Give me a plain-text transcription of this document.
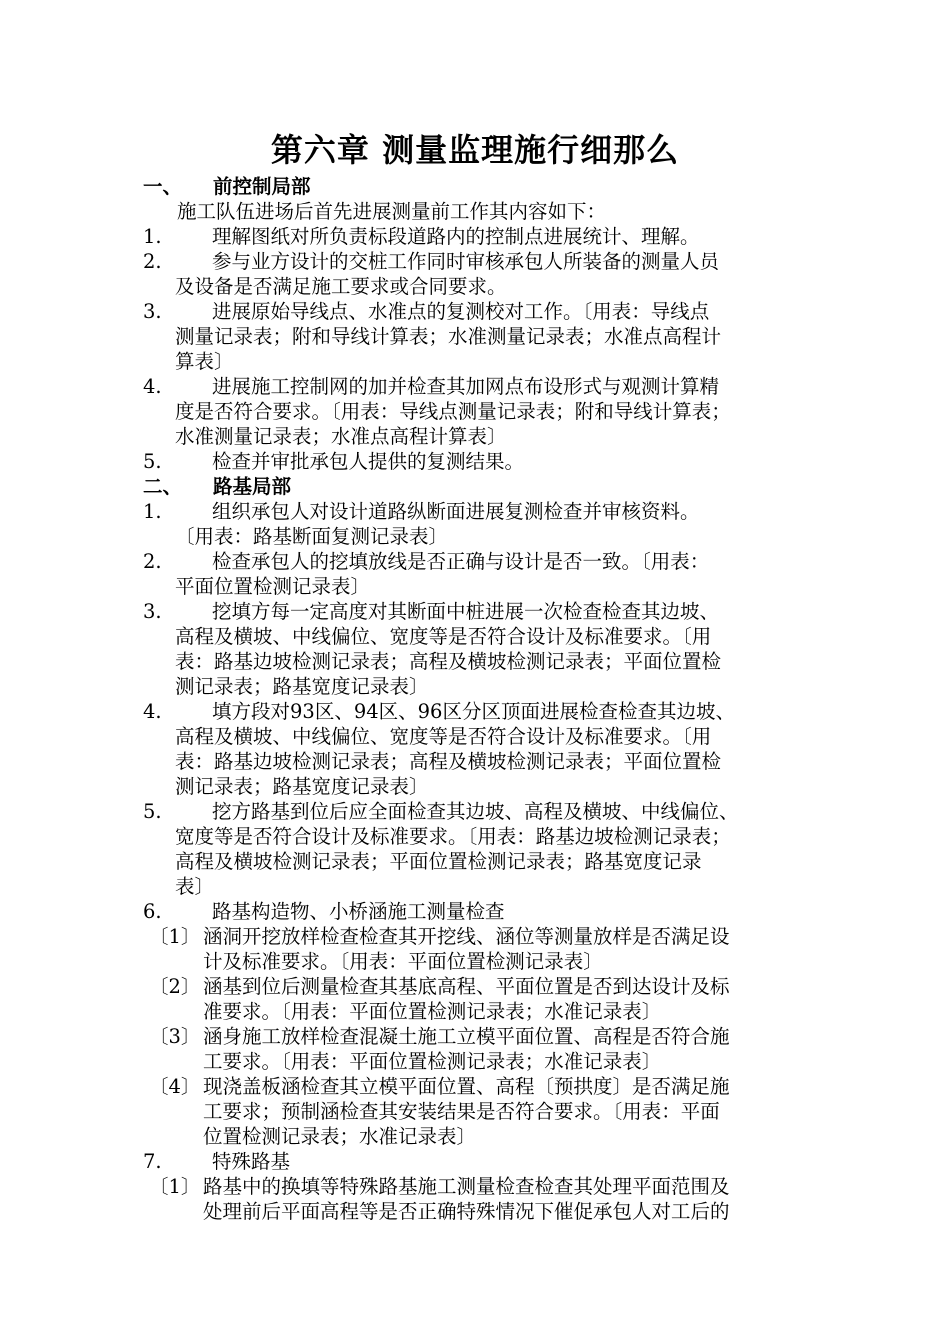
第六章 测量监理施行细那么
一、 前控制局部
施工队伍进场后首先进展测量前工作其内容如下：
1.	理解图纸对所负责标段道路内的控制点进展统计、理解。
2.	参与业方设计的交桩工作同时审核承包人所装备的测量人员
及设备是否满足施工要求或合同要求。
3.	进展原始导线点、水准点的复测校对工作。〔用表：导线点
测量记录表；附和导线计算表；水准测量记录表；水准点高程计
算表〕
4.	进展施工控制网的加并检查其加网点布设形式与观测计算精
度是否符合要求。〔用表：导线点测量记录表；附和导线计算表；
水准测量记录表；水准点高程计算表〕
5.	检查并审批承包人提供的复测结果。
二、 路基局部
1.	组织承包人对设计道路纵断面进展复测检查并审核资料。
〔用表：路基断面复测记录表〕
2.	检查承包人的挖填放线是否正确与设计是否一致。〔用表：
平面位置检测记录表〕
3.	挖填方每一定高度对其断面中桩进展一次检查检查其边坡、
高程及横坡、中线偏位、宽度等是否符合设计及标准要求。〔用
表：路基边坡检测记录表；高程及横坡检测记录表；平面位置检
测记录表；路基宽度记录表〕
4.	填方段对93区、94区、96区分区顶面进展检查检查其边坡、
高程及横坡、中线偏位、宽度等是否符合设计及标准要求。〔用
表：路基边坡检测记录表；高程及横坡检测记录表；平面位置检
测记录表；路基宽度记录表〕
5.	挖方路基到位后应全面检查其边坡、高程及横坡、中线偏位、
宽度等是否符合设计及标准要求。〔用表：路基边坡检测记录表；
高程及横坡检测记录表；平面位置检测记录表；路基宽度记录
表〕
6.	路基构造物、小桥涵施工测量检查
〔1〕 涵洞开挖放样检查检查其开挖线、涵位等测量放样是否满足设
计及标准要求。〔用表：平面位置检测记录表〕
〔2〕 涵基到位后测量检查其基底高程、平面位置是否到达设计及标
准要求。〔用表：平面位置检测记录表；水准记录表〕
〔3〕 涵身施工放样检查混凝土施工立模平面位置、高程是否符合施
工要求。〔用表：平面位置检测记录表；水准记录表〕
〔4〕 现浇盖板涵检查其立模平面位置、高程〔预拱度〕是否满足施
工要求；预制涵检查其安装结果是否符合要求。〔用表：平面
位置检测记录表；水准记录表〕
7.	特殊路基
〔1〕 路基中的换填等特殊路基施工测量检查检查其处理平面范围及
处理前后平面高程等是否正确特殊情况下催促承包人对工后的
